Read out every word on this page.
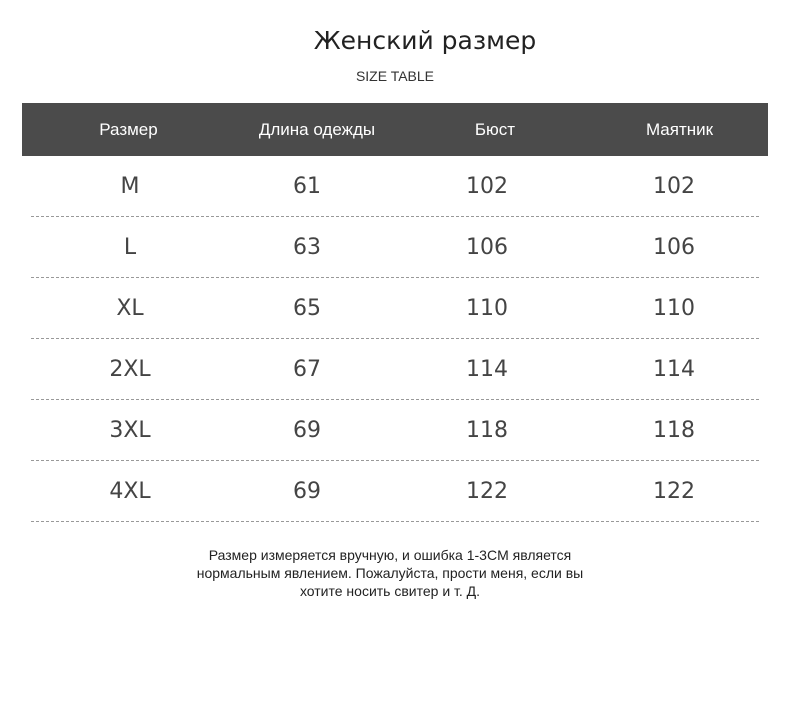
Женский размер
SIZE TABLE
Размер	Длина одежды	Бюст	Маятник
M	61	102	102
L	63	106	106
XL	65	110	110
2XL	67	114	114
3XL	69	118	118
4XL	69	122	122

Размер измеряется вручную, и ошибка 1-3CM является

нормальным явлением. Пожалуйста, прости меня, если вы

хотите носить свитер и т. Д.
